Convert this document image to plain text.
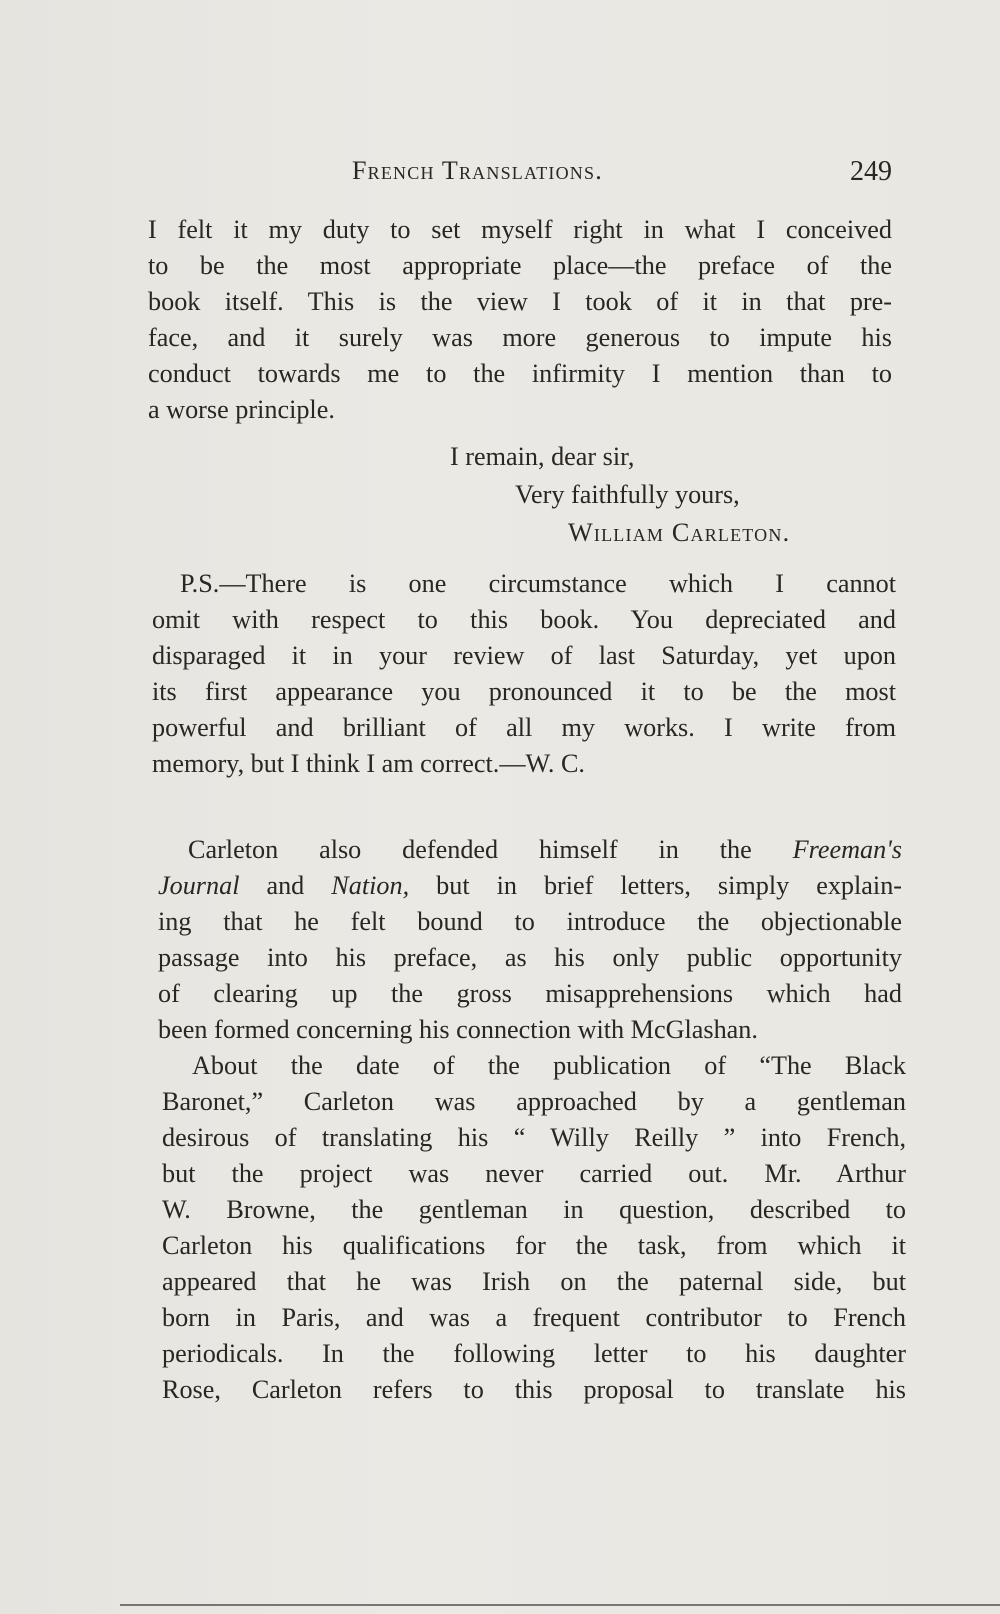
French Translations.	249
I felt it my duty to set myself right in what I conceived
to be the most appropriate place—the preface of the
book itself. This is the view I took of it in that pre-
face, and it surely was more generous to impute his
conduct towards me to the infirmity I mention than to
a worse principle.
I remain, dear sir,
Very faithfully yours,
William Carleton.
P.S.—There is one circumstance which I cannot
omit with respect to this book. You depreciated and
disparaged it in your review of last Saturday, yet upon
its first appearance you pronounced it to be the most
powerful and brilliant of all my works. I write from
memory, but I think I am correct.—W. C.
Carleton also defended himself in the Freeman's
Journal and Nation, but in brief letters, simply explain-
ing that he felt bound to introduce the objectionable
passage into his preface, as his only public opportunity
of clearing up the gross misapprehensions which had
been formed concerning his connection with McGlashan.
About the date of the publication of “The Black
Baronet,” Carleton was approached by a gentleman
desirous of translating his “ Willy Reilly ” into French,
but the project was never carried out. Mr. Arthur
W. Browne, the gentleman in question, described to
Carleton his qualifications for the task, from which it
appeared that he was Irish on the paternal side, but
born in Paris, and was a frequent contributor to French
periodicals. In the following letter to his daughter
Rose, Carleton refers to this proposal to translate his
